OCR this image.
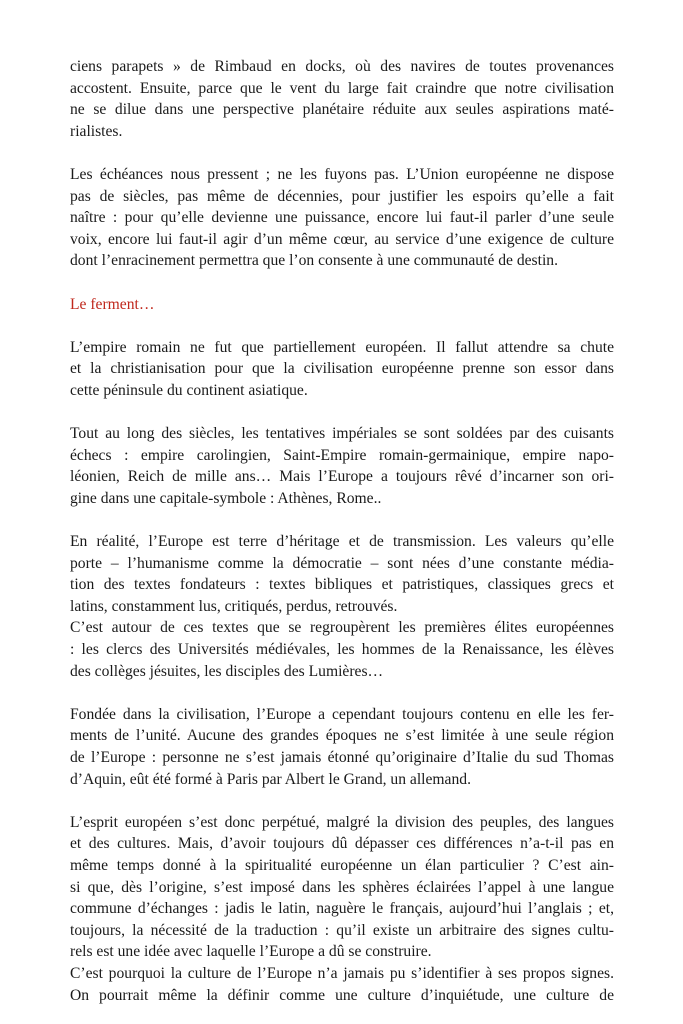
ciens parapets » de Rimbaud en docks, où des navires de toutes provenances
accostent. Ensuite, parce que le vent du large fait craindre que notre civilisation
ne se dilue dans une perspective planétaire réduite aux seules aspirations maté-
rialistes.
Les échéances nous pressent ; ne les fuyons pas. L’Union européenne ne dispose
pas de siècles, pas même de décennies, pour justifier les espoirs qu’elle a fait
naître : pour qu’elle devienne une puissance, encore lui faut-il parler d’une seule
voix, encore lui faut-il agir d’un même cœur, au service d’une exigence de culture
dont l’enracinement permettra que l’on consente à une communauté de destin.
Le ferment…
L’empire romain ne fut que partiellement européen. Il fallut attendre sa chute
et la christianisation pour que la civilisation européenne prenne son essor dans
cette péninsule du continent asiatique.
Tout au long des siècles, les tentatives impériales se sont soldées par des cuisants
échecs : empire carolingien, Saint-Empire romain-germainique, empire napo-
léonien, Reich de mille ans… Mais l’Europe a toujours rêvé d’incarner son ori-
gine dans une capitale-symbole : Athènes, Rome..
En réalité, l’Europe est terre d’héritage et de transmission. Les valeurs qu’elle
porte – l’humanisme comme la démocratie – sont nées d’une constante média-
tion des textes fondateurs : textes bibliques et patristiques, classiques grecs et
latins, constamment lus, critiqués, perdus, retrouvés.
C’est autour de ces textes que se regroupèrent les premières élites européennes
: les clercs des Universités médiévales, les hommes de la Renaissance, les élèves
des collèges jésuites, les disciples des Lumières…
Fondée dans la civilisation, l’Europe a cependant toujours contenu en elle les fer-
ments de l’unité. Aucune des grandes époques ne s’est limitée à une seule région
de l’Europe : personne ne s’est jamais étonné qu’originaire d’Italie du sud Thomas
d’Aquin, eût été formé à Paris par Albert le Grand, un allemand.
L’esprit européen s’est donc perpétué, malgré la division des peuples, des langues
et des cultures. Mais, d’avoir toujours dû dépasser ces différences n’a-t-il pas en
même temps donné à la spiritualité européenne un élan particulier ? C’est ain-
si que, dès l’origine, s’est imposé dans les sphères éclairées l’appel à une langue
commune d’échanges : jadis le latin, naguère le français, aujourd’hui l’anglais ; et,
toujours, la nécessité de la traduction : qu’il existe un arbitraire des signes cultu-
rels est une idée avec laquelle l’Europe a dû se construire.
C’est pourquoi la culture de l’Europe n’a jamais pu s’identifier à ses propos signes.
On pourrait même la définir comme une culture d’inquiétude, une culture de
